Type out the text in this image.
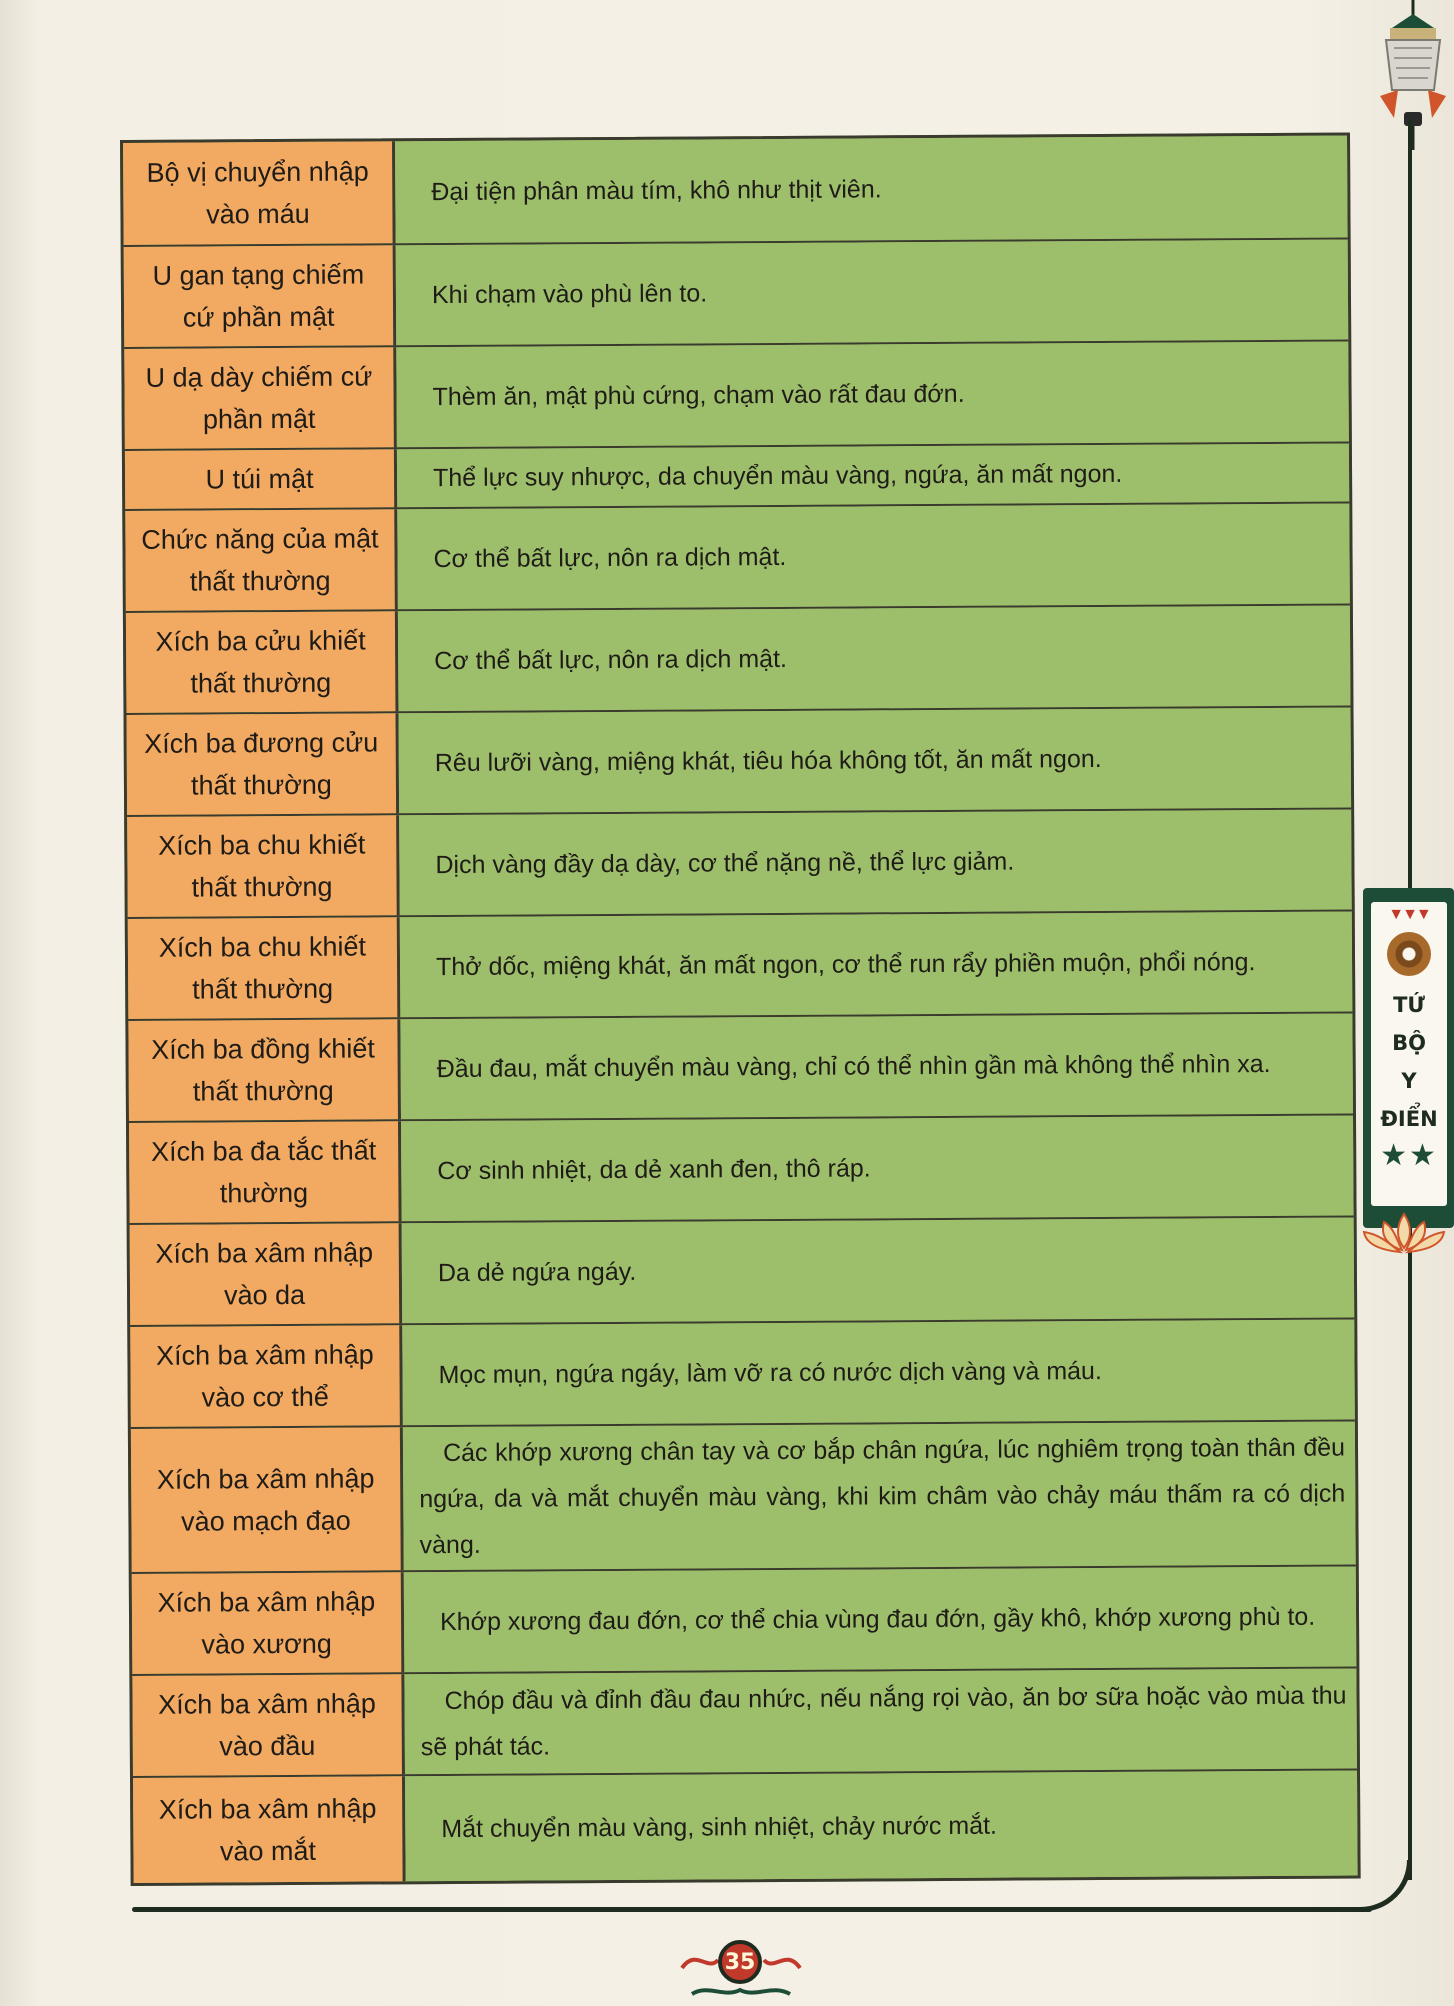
Bộ vị chuyển nhập vào máu
Đại tiện phân màu tím, khô như thịt viên.
U gan tạng chiếm cứ phần mật
Khi chạm vào phù lên to.
U dạ dày chiếm cứ phần mật
Thèm ăn, mật phù cứng, chạm vào rất đau đớn.
U túi mật	Thể lực suy nhược, da chuyển màu vàng, ngứa, ăn mất ngon.
Chức năng của mật thất thường
Cơ thể bất lực, nôn ra dịch mật.
Xích ba cửu khiết thất thường
Cơ thể bất lực, nôn ra dịch mật.
Xích ba đương cửu thất thường
Rêu lưỡi vàng, miệng khát, tiêu hóa không tốt, ăn mất ngon.
Xích ba chu khiết thất thường
Dịch vàng đầy dạ dày, cơ thể nặng nề, thể lực giảm.
Xích ba chu khiết thất thường
Thở dốc, miệng khát, ăn mất ngon, cơ thể run rẩy phiền muộn, phổi nóng.
Xích ba đồng khiết thất thường
Đầu đau, mắt chuyển màu vàng, chỉ có thể nhìn gần mà không thể nhìn xa.
Xích ba đa tắc thất thường
Cơ sinh nhiệt, da dẻ xanh đen, thô ráp.
Xích ba xâm nhập vào da
Da dẻ ngứa ngáy.
Xích ba xâm nhập vào cơ thể
Mọc mụn, ngứa ngáy, làm vỡ ra có nước dịch vàng và máu.
Xích ba xâm nhập vào mạch đạo
Các khớp xương chân tay và cơ bắp chân ngứa, lúc nghiêm trọng toàn thân đều ngứa, da và mắt chuyển màu vàng, khi kim châm vào chảy máu thấm ra có dịch vàng.
Xích ba xâm nhập vào xương
Khớp xương đau đớn, cơ thể chia vùng đau đớn, gầy khô, khớp xương phù to.
Xích ba xâm nhập vào đầu
Chóp đầu và đỉnh đầu đau nhức, nếu nắng rọi vào, ăn bơ sữa hoặc vào mùa thu sẽ phát tác.
Xích ba xâm nhập vào mắt
Mắt chuyển màu vàng, sinh nhiệt, chảy nước mắt.
▼▼▼
TỨ
BỘ
Y
ĐIỂN
★★
35
